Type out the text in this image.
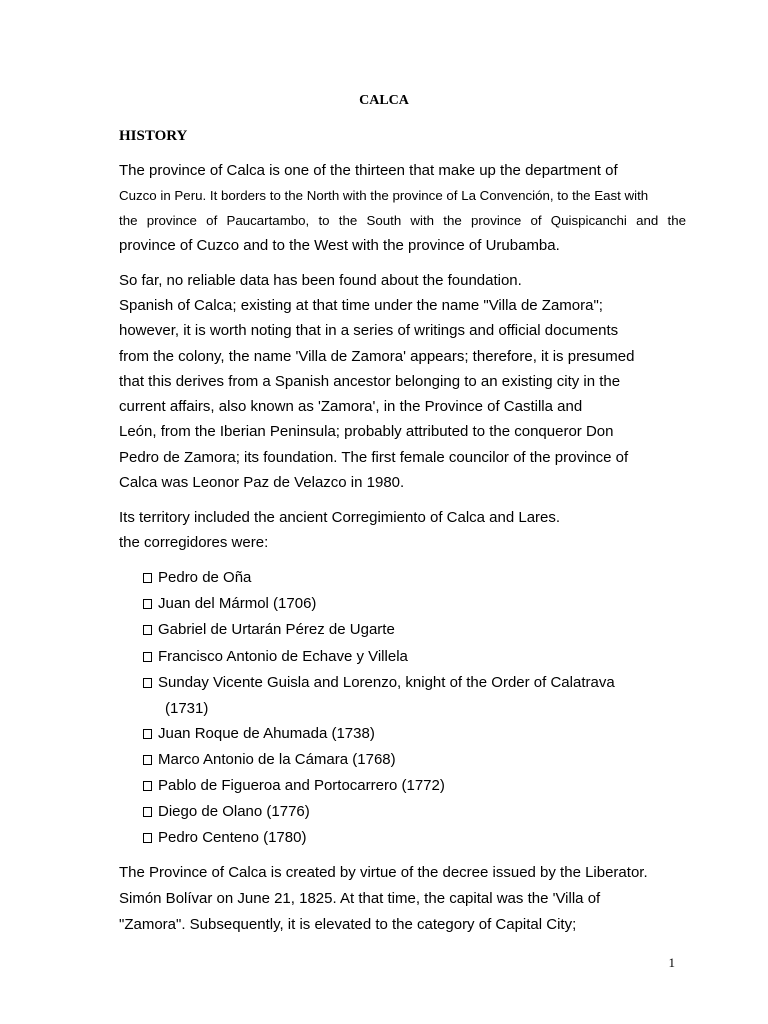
CALCA
HISTORY
The province of Calca is one of the thirteen that make up the department of
Cuzco in Peru. It borders to the North with the province of La Convención, to the East with
the province of Paucartambo, to the South with the province of Quispicanchi and the
province of Cuzco and to the West with the province of Urubamba.
So far, no reliable data has been found about the foundation.
Spanish of Calca; existing at that time under the name "Villa de Zamora";
however, it is worth noting that in a series of writings and official documents
from the colony, the name 'Villa de Zamora' appears; therefore, it is presumed
that this derives from a Spanish ancestor belonging to an existing city in the
current affairs, also known as 'Zamora', in the Province of Castilla and
León, from the Iberian Peninsula; probably attributed to the conqueror Don
Pedro de Zamora; its foundation. The first female councilor of the province of
Calca was Leonor Paz de Velazco in 1980.
Its territory included the ancient Corregimiento of Calca and Lares.
the corregidores were:
Pedro de Oña
Juan del Mármol (1706)
Gabriel de Urtarán Pérez de Ugarte
Francisco Antonio de Echave y Villela
Sunday Vicente Guisla and Lorenzo, knight of the Order of Calatrava
(1731)
Juan Roque de Ahumada (1738)
Marco Antonio de la Cámara (1768)
Pablo de Figueroa and Portocarrero (1772)
Diego de Olano (1776)
Pedro Centeno (1780)
The Province of Calca is created by virtue of the decree issued by the Liberator.
Simón Bolívar on June 21, 1825. At that time, the capital was the 'Villa of
"Zamora". Subsequently, it is elevated to the category of Capital City;
1
